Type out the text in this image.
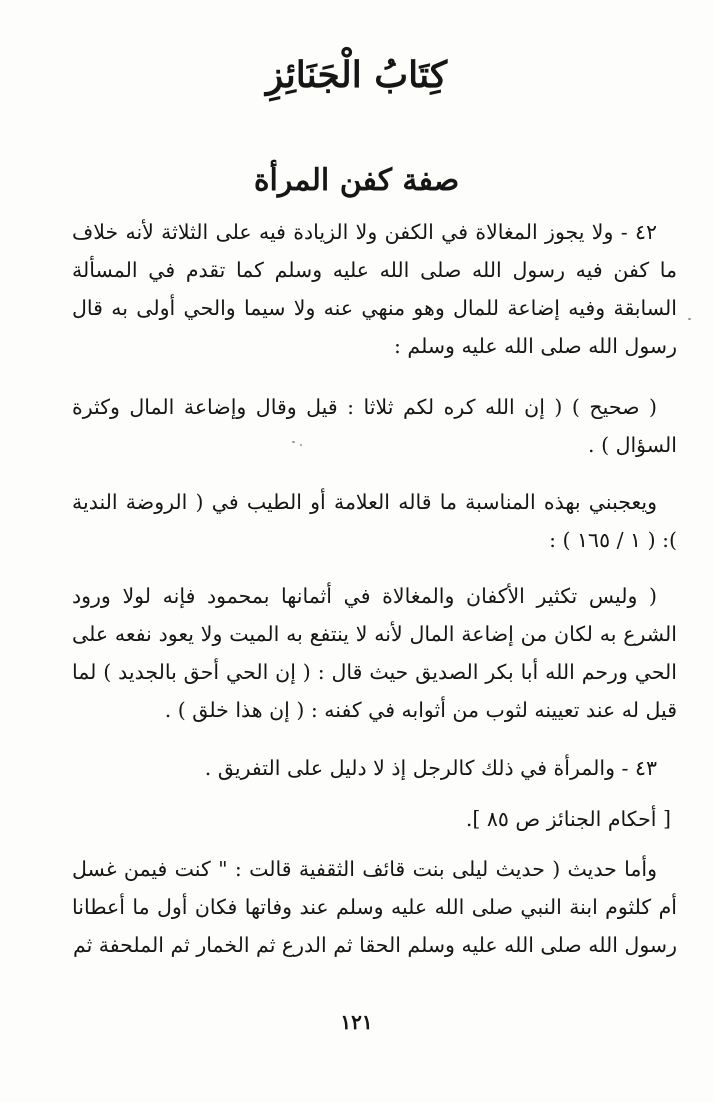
كِتَابُ الْجَنَائِزِ
صفة كفن المرأة

٤٢ - ولا يجوز المغالاة في الكفن ولا الزيادة فيه على الثلاثة لأنه خلاف ما كفن فيه رسول الله صلى الله عليه وسلم كما تقدم في المسألة السابقة وفيه إضاعة للمال وهو منهي عنه ولا سيما والحي أولى به قال رسول الله صلى الله عليه وسلم :

( صحيح ) ( إن الله كره لكم ثلاثا : قيل وقال وإضاعة المال وكثرة السؤال ) .

ويعجبني بهذه المناسبة ما قاله العلامة أو الطيب في ( الروضة الندية ): ( ١ / ١٦٥ ) :

( وليس تكثير الأكفان والمغالاة في أثمانها بمحمود فإنه لولا ورود الشرع به لكان من إضاعة المال لأنه لا ينتفع به الميت ولا يعود نفعه على الحي ورحم الله أبا بكر الصديق حيث قال : ( إن الحي أحق بالجديد ) لما قيل له عند تعيينه لثوب من أثوابه في كفنه : ( إن هذا خلق ) .

٤٣ - والمرأة في ذلك كالرجل إذ لا دليل على التفريق .

[ أحكام الجنائز ص ٨٥ ].

وأما حديث ( حديث ليلى بنت قائف الثقفية قالت : " كنت فيمن غسل أم كلثوم ابنة النبي صلى الله عليه وسلم عند وفاتها فكان أول ما أعطانا رسول الله صلى الله عليه وسلم الحقا ثم الدرع ثم الخمار ثم الملحفة ثم

١٢١
